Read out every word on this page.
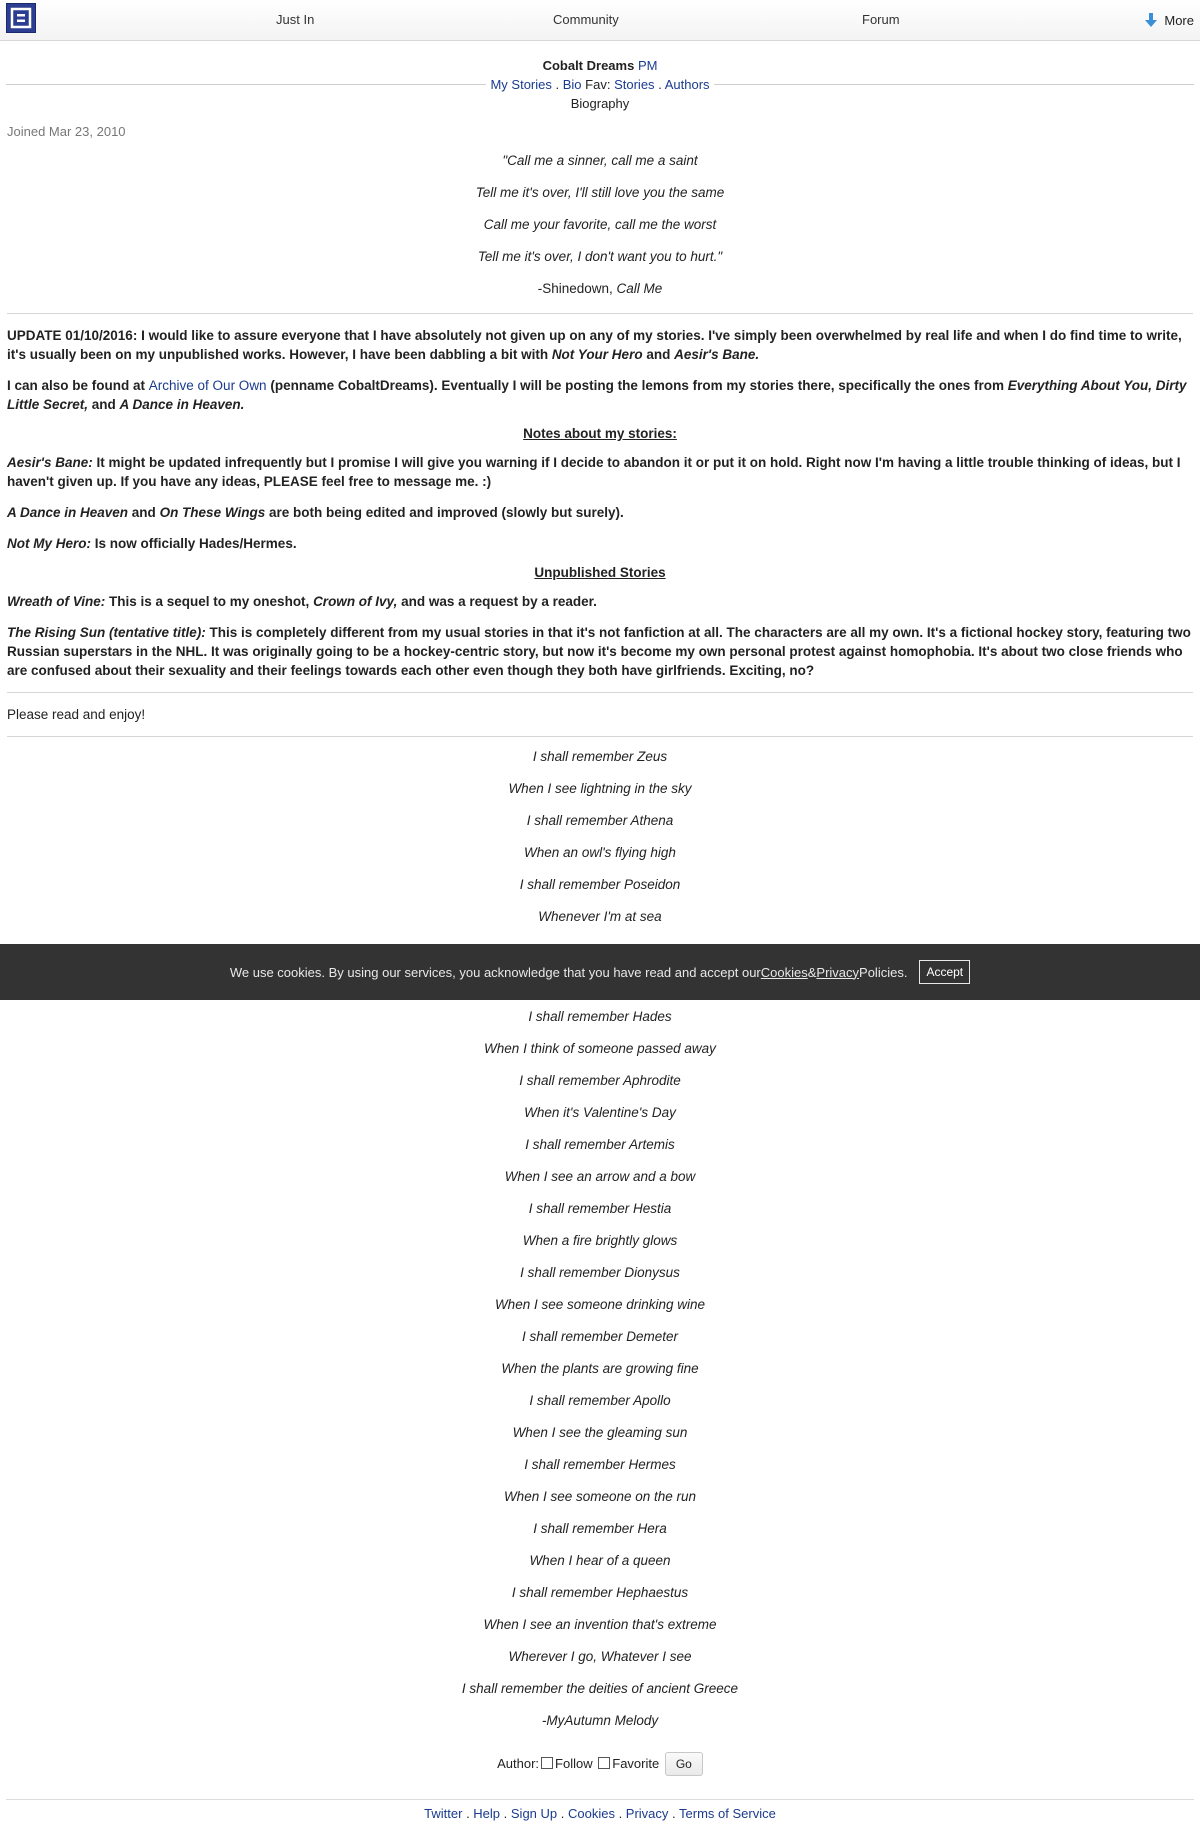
Just In	Community	Forum	More
Cobalt Dreams PM
My Stories . Bio Fav: Stories . Authors
Biography
Joined Mar 23, 2010

"Call me a sinner, call me a saint

Tell me it's over, I'll still love you the same

Call me your favorite, call me the worst

Tell me it's over, I don't want you to hurt."

-Shinedown, Call Me

UPDATE 01/10/2016: I would like to assure everyone that I have absolutely not given up on any of my stories. I've simply been overwhelmed by real life and when I do find time to write, it's usually been on my unpublished works. However, I have been dabbling a bit with Not Your Hero and Aesir's Bane.

I can also be found at Archive of Our Own (penname CobaltDreams). Eventually I will be posting the lemons from my stories there, specifically the ones from Everything About You, Dirty Little Secret, and A Dance in Heaven.

Notes about my stories:

Aesir's Bane: It might be updated infrequently but I promise I will give you warning if I decide to abandon it or put it on hold. Right now I'm having a little trouble thinking of ideas, but I haven't given up. If you have any ideas, PLEASE feel free to message me. :)

A Dance in Heaven and On These Wings are both being edited and improved (slowly but surely).

Not My Hero: Is now officially Hades/Hermes.

Unpublished Stories

Wreath of Vine: This is a sequel to my oneshot, Crown of Ivy, and was a request by a reader.

The Rising Sun (tentative title): This is completely different from my usual stories in that it's not fanfiction at all. The characters are all my own. It's a fictional hockey story, featuring two Russian superstars in the NHL. It was originally going to be a hockey-centric story, but now it's become my own personal protest against homophobia. It's about two close friends who are confused about their sexuality and their feelings towards each other even though they both have girlfriends. Exciting, no?

Please read and enjoy!

I shall remember Zeus

When I see lightning in the sky

I shall remember Athena

When an owl's flying high

I shall remember Poseidon

Whenever I'm at sea

I shall remember Hades

When I think of someone passed away

I shall remember Aphrodite

When it's Valentine's Day

I shall remember Artemis

When I see an arrow and a bow

I shall remember Hestia

When a fire brightly glows

I shall remember Dionysus

When I see someone drinking wine

I shall remember Demeter

When the plants are growing fine

I shall remember Apollo

When I see the gleaming sun

I shall remember Hermes

When I see someone on the run

I shall remember Hera

When I hear of a queen

I shall remember Hephaestus

When I see an invention that's extreme

Wherever I go, Whatever I see

I shall remember the deities of ancient Greece

-MyAutumn Melody

We use cookies. By using our services, you acknowledge that you have read and accept our Cookies & Privacy Policies.	Accept
Author: Follow Favorite Go
Twitter . Help . Sign Up . Cookies . Privacy . Terms of Service
